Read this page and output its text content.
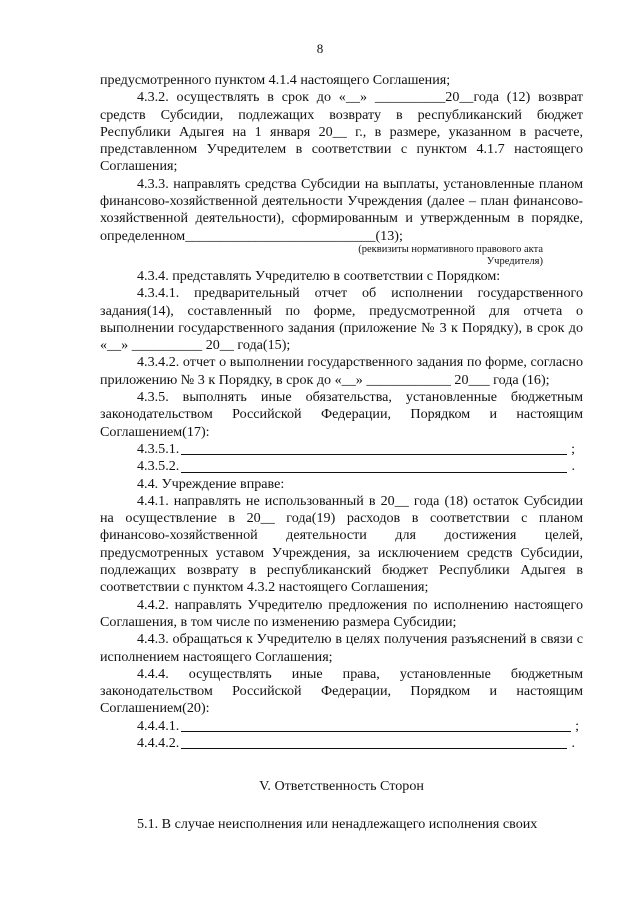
8

предусмотренного пунктом 4.1.4 настоящего Соглашения;

4.3.2. осуществлять в срок до «__» __________20__года (12) возврат средств Субсидии, подлежащих возврату в республиканский бюджет Республики Адыгея на 1 января 20__ г., в размере, указанном в расчете, представленном Учредителем в соответствии с пунктом 4.1.7 настоящего Соглашения;

4.3.3. направлять средства Субсидии на выплаты, установленные планом финансово-хозяйственной деятельности Учреждения (далее – план финансово-хозяйственной деятельности), сформированным и утвержденным в порядке, определенном___________________________(13);

(реквизиты нормативного правового акта
Учредителя)

4.3.4. представлять Учредителю в соответствии с Порядком:

4.3.4.1. предварительный отчет об исполнении государственного задания(14), составленный по форме, предусмотренной для отчета о выполнении государственного задания (приложение № 3 к Порядку), в срок до «__» __________ 20__ года(15);

4.3.4.2. отчет о выполнении государственного задания по форме, согласно приложению № 3 к Порядку, в срок до «__» ____________ 20___ года (16);

4.3.5. выполнять иные обязательства, установленные бюджетным законодательством Российской Федерации, Порядком и настоящим Соглашением(17):

4.3.5.1.	;
4.3.5.2.	.

4.4. Учреждение вправе:

4.4.1. направлять не использованный в 20__ года (18) остаток Субсидии на осуществление в 20__ года(19) расходов в соответствии с планом финансово-хозяйственной деятельности для достижения целей, предусмотренных уставом Учреждения, за исключением средств Субсидии, подлежащих возврату в республиканский бюджет Республики Адыгея в соответствии с пунктом 4.3.2 настоящего Соглашения;

4.4.2. направлять Учредителю предложения по исполнению настоящего Соглашения, в том числе по изменению размера Субсидии;

4.4.3. обращаться к Учредителю в целях получения разъяснений в связи с исполнением настоящего Соглашения;

4.4.4. осуществлять иные права, установленные бюджетным законодательством Российской Федерации, Порядком и настоящим Соглашением(20):

4.4.4.1.	;
4.4.4.2.	.
V. Ответственность Сторон

5.1. В случае неисполнения или ненадлежащего исполнения своих
